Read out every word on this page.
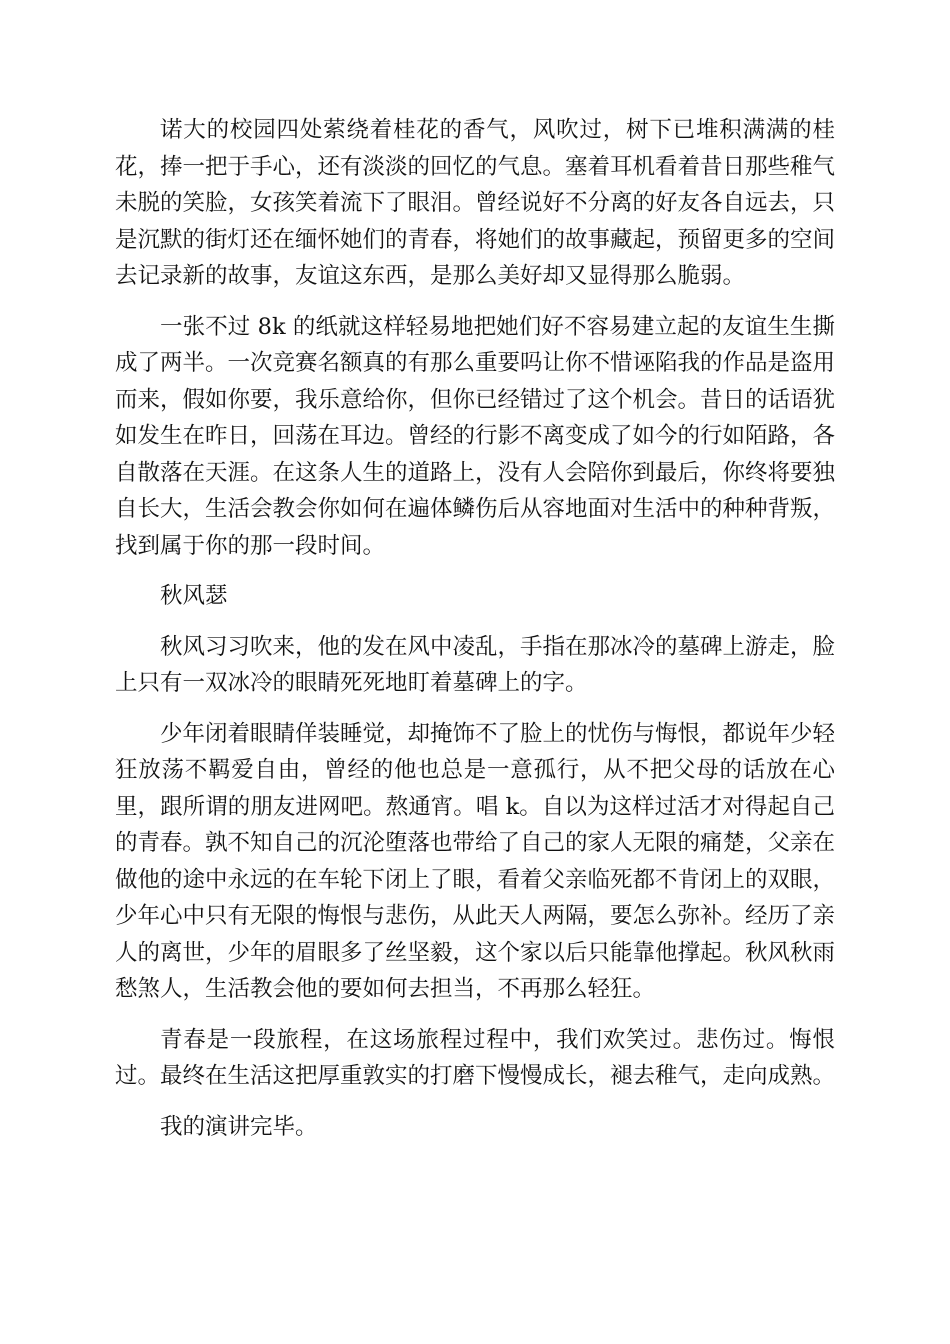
诺大的校园四处萦绕着桂花的香气，风吹过，树下已堆积满满的桂花，捧一把于手心，还有淡淡的回忆的气息。塞着耳机看着昔日那些稚气未脱的笑脸，女孩笑着流下了眼泪。曾经说好不分离的好友各自远去，只是沉默的街灯还在缅怀她们的青春，将她们的故事藏起，预留更多的空间去记录新的故事，友谊这东西，是那么美好却又显得那么脆弱。

一张不过 8k 的纸就这样轻易地把她们好不容易建立起的友谊生生撕成了两半。一次竞赛名额真的有那么重要吗让你不惜诬陷我的作品是盗用而来，假如你要，我乐意给你，但你已经错过了这个机会。昔日的话语犹如发生在昨日，回荡在耳边。曾经的行影不离变成了如今的行如陌路，各自散落在天涯。在这条人生的道路上，没有人会陪你到最后，你终将要独自长大，生活会教会你如何在遍体鳞伤后从容地面对生活中的种种背叛，找到属于你的那一段时间。

秋风瑟

秋风习习吹来，他的发在风中凌乱，手指在那冰冷的墓碑上游走，脸上只有一双冰冷的眼睛死死地盯着墓碑上的字。

少年闭着眼睛佯装睡觉，却掩饰不了脸上的忧伤与悔恨，都说年少轻狂放荡不羁爱自由，曾经的他也总是一意孤行，从不把父母的话放在心里，跟所谓的朋友进网吧。熬通宵。唱 k。自以为这样过活才对得起自己的青春。孰不知自己的沉沦堕落也带给了自己的家人无限的痛楚，父亲在做他的途中永远的在车轮下闭上了眼，看着父亲临死都不肯闭上的双眼，少年心中只有无限的悔恨与悲伤，从此天人两隔，要怎么弥补。经历了亲人的离世，少年的眉眼多了丝坚毅，这个家以后只能靠他撑起。秋风秋雨愁煞人，生活教会他的要如何去担当，不再那么轻狂。

青春是一段旅程，在这场旅程过程中，我们欢笑过。悲伤过。悔恨过。最终在生活这把厚重敦实的打磨下慢慢成长，褪去稚气，走向成熟。

我的演讲完毕。
